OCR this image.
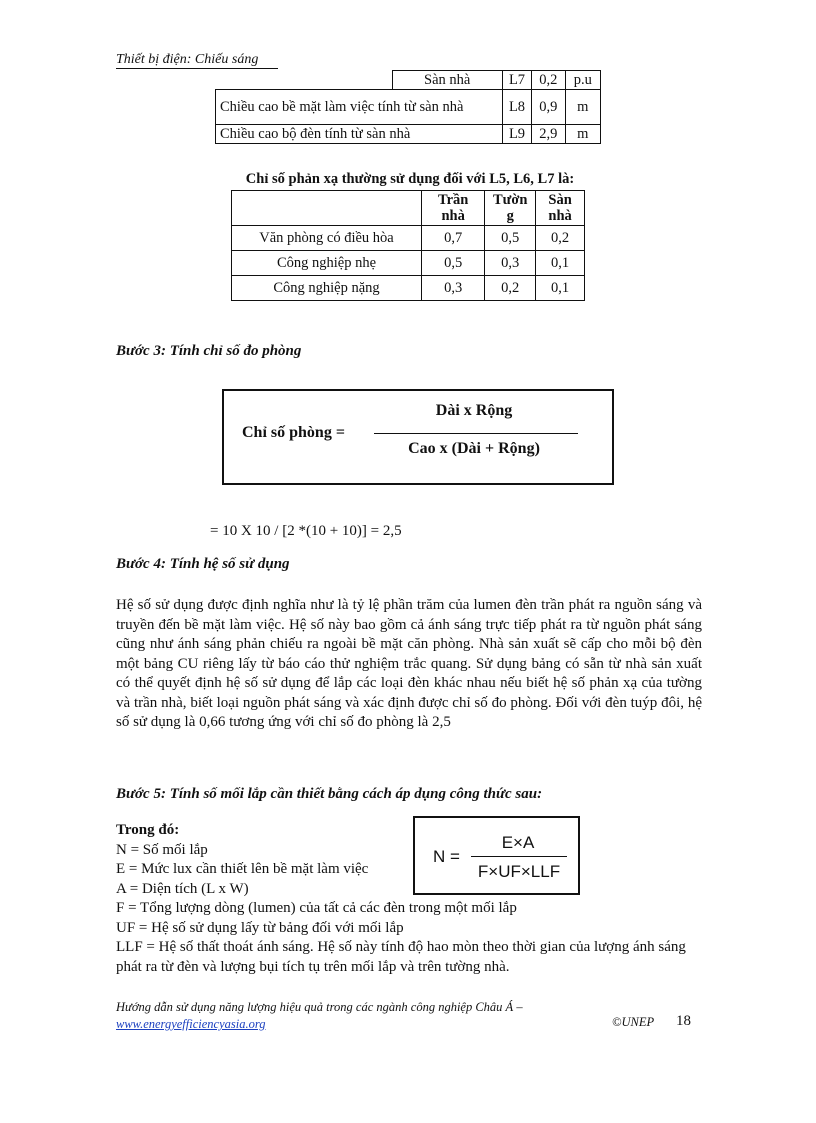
Thiết bị điện: Chiếu sáng
	Sàn nhà	L7	0,2	p.u
Chiều cao bề mặt làm việc tính từ sàn nhà		L8	0,9	m
Chiều cao bộ đèn tính từ sàn nhà		L9	2,9	m
Chỉ số phản xạ thường sử dụng đối với L5, L6, L7 là:
	Trần nhà	Tườn g	Sàn nhà
Văn phòng có điều hòa	0,7	0,5	0,2
Công nghiệp nhẹ	0,5	0,3	0,1
Công nghiệp nặng	0,3	0,2	0,1
Bước 3: Tính chỉ số đo phòng
Chỉ số phòng =
Dài x Rộng
Cao x (Dài + Rộng)
= 10 X 10 / [2 *(10 + 10)] = 2,5
Bước 4: Tính hệ số sử dụng
Hệ số sử dụng được định nghĩa như là tỷ lệ phần trăm của lumen đèn trần phát ra nguồn sáng và truyền đến bề mặt làm việc. Hệ số này bao gồm cả ánh sáng trực tiếp phát ra từ nguồn phát sáng cũng như ánh sáng phản chiếu ra ngoài bề mặt căn phòng. Nhà sản xuất sẽ cấp cho mỗi bộ đèn một bảng CU riêng lấy từ báo cáo thử nghiệm trắc quang. Sử dụng bảng có sẵn từ nhà sản xuất có thể quyết định hệ số sử dụng để lắp các loại đèn khác nhau nếu biết hệ số phản xạ của tường và trần nhà, biết loại nguồn phát sáng và xác định được chỉ số đo phòng. Đối với đèn tuýp đôi, hệ số sử dụng là 0,66 tương ứng với chỉ số đo phòng là 2,5
Bước 5: Tính số mối lắp cần thiết bằng cách áp dụng công thức sau:
Trong đó:
N = Số mối lắp
E = Mức lux cần thiết lên bề mặt làm việc
A = Diện tích (L x W)
F = Tổng lượng dòng (lumen) của tất cả các đèn trong một mối lắp
UF = Hệ số sử dụng lấy từ bảng đối với mối lắp
LLF = Hệ số thất thoát ánh sáng. Hệ số này tính độ hao mòn theo thời gian của lượng ánh sáng phát ra từ đèn và lượng bụi tích tụ trên mối lắp và trên tường nhà.
N =
E×A
F×UF×LLF
Hướng dẫn sử dụng năng lượng hiệu quả trong các ngành công nghiệp Châu Á –
www.energyefficiencyasia.org	©UNEP 18
